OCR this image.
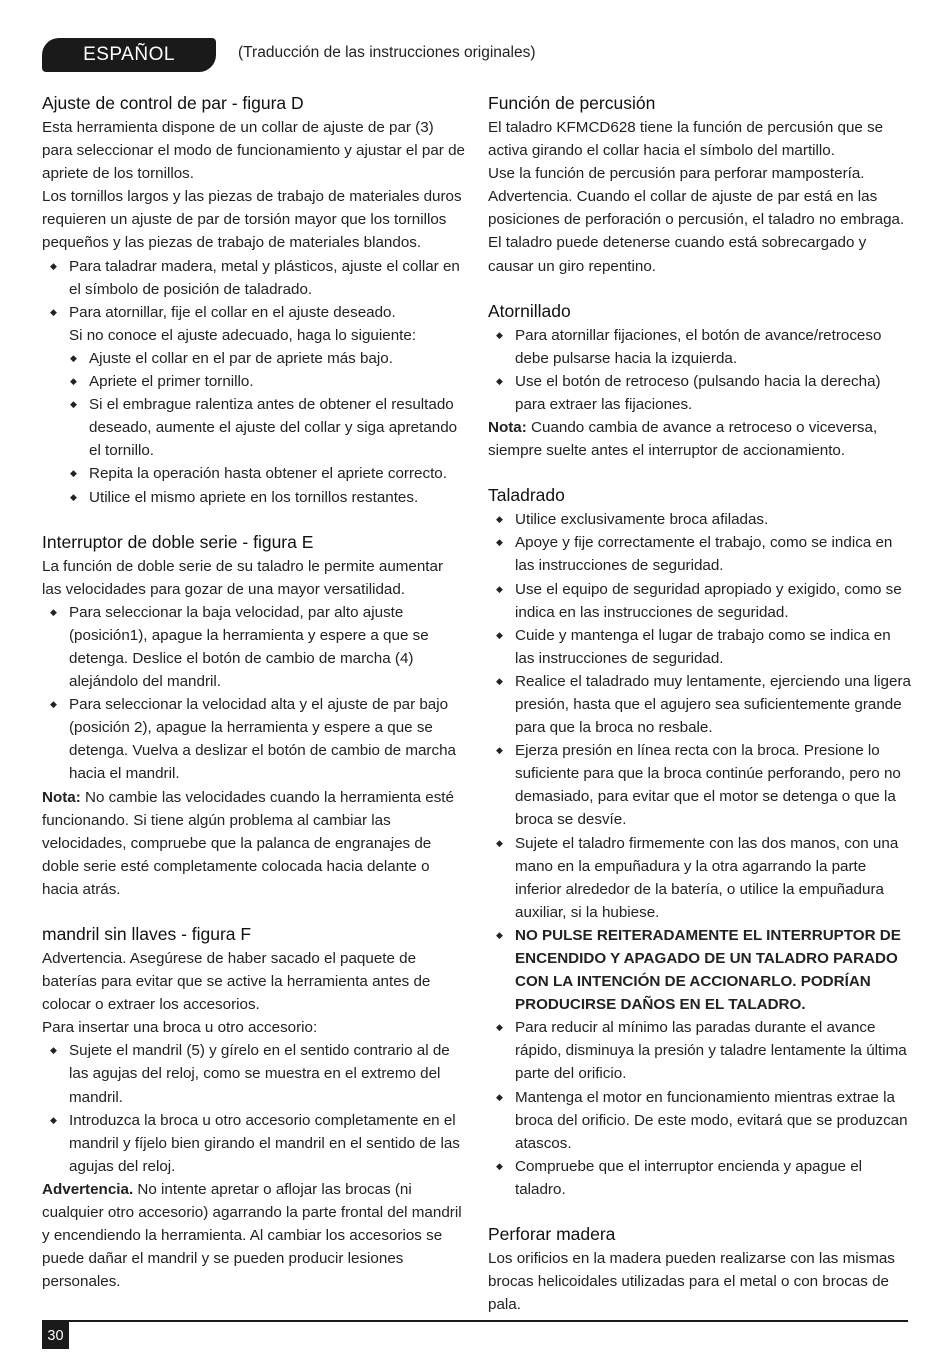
ESPAÑOL	(Traducción de las instrucciones originales)
Ajuste de control de par - figura D

Esta herramienta dispone de un collar de ajuste de par (3) para seleccionar el modo de funcionamiento y ajustar el par de apriete de los tornillos.

Los tornillos largos y las piezas de trabajo de materiales duros requieren un ajuste de par de torsión mayor que los tornillos pequeños y las piezas de trabajo de materiales blandos.

◆ Para taladrar madera, metal y plásticos, ajuste el collar en el símbolo de posición de taladrado.
◆ Para atornillar, fije el collar en el ajuste deseado.
Si no conoce el ajuste adecuado, haga lo siguiente:
◆ Ajuste el collar en el par de apriete más bajo.
◆ Apriete el primer tornillo.
◆ Si el embrague ralentiza antes de obtener el resultado deseado, aumente el ajuste del collar y siga apretando el tornillo.
◆ Repita la operación hasta obtener el apriete correcto.
◆ Utilice el mismo apriete en los tornillos restantes.
Interruptor de doble serie - figura E

La función de doble serie de su taladro le permite aumentar las velocidades para gozar de una mayor versatilidad.

◆ Para seleccionar la baja velocidad, par alto ajuste (posición1), apague la herramienta y espere a que se detenga. Deslice el botón de cambio de marcha (4) alejándolo del mandril.
◆ Para seleccionar la velocidad alta y el ajuste de par bajo (posición 2), apague la herramienta y espere a que se detenga. Vuelva a deslizar el botón de cambio de marcha hacia el mandril.

Nota: No cambie las velocidades cuando la herramienta esté funcionando. Si tiene algún problema al cambiar las velocidades, compruebe que la palanca de engranajes de doble serie esté completamente colocada hacia delante o hacia atrás.

mandril sin llaves - figura F

Advertencia. Asegúrese de haber sacado el paquete de baterías para evitar que se active la herramienta antes de colocar o extraer los accesorios.

Para insertar una broca u otro accesorio:

◆ Sujete el mandril (5) y gírelo en el sentido contrario al de las agujas del reloj, como se muestra en el extremo del mandril.
◆ Introduzca la broca u otro accesorio completamente en el mandril y fíjelo bien girando el mandril en el sentido de las agujas del reloj.

Advertencia. No intente apretar o aflojar las brocas (ni cualquier otro accesorio) agarrando la parte frontal del mandril y encendiendo la herramienta. Al cambiar los accesorios se puede dañar el mandril y se pueden producir lesiones personales.

Función de percusión

El taladro KFMCD628 tiene la función de percusión que se activa girando el collar hacia el símbolo del martillo.

Use la función de percusión para perforar mampostería.

Advertencia. Cuando el collar de ajuste de par está en las posiciones de perforación o percusión, el taladro no embraga.

El taladro puede detenerse cuando está sobrecargado y causar un giro repentino.

Atornillado
◆ Para atornillar fijaciones, el botón de avance/retroceso debe pulsarse hacia la izquierda.
◆ Use el botón de retroceso (pulsando hacia la derecha) para extraer las fijaciones.

Nota: Cuando cambia de avance a retroceso o viceversa, siempre suelte antes el interruptor de accionamiento.

Taladrado
◆ Utilice exclusivamente broca afiladas.
◆ Apoye y fije correctamente el trabajo, como se indica en las instrucciones de seguridad.
◆ Use el equipo de seguridad apropiado y exigido, como se indica en las instrucciones de seguridad.
◆ Cuide y mantenga el lugar de trabajo como se indica en las instrucciones de seguridad.
◆ Realice el taladrado muy lentamente, ejerciendo una ligera presión, hasta que el agujero sea suficientemente grande para que la broca no resbale.
◆ Ejerza presión en línea recta con la broca. Presione lo suficiente para que la broca continúe perforando, pero no demasiado, para evitar que el motor se detenga o que la broca se desvíe.
◆ Sujete el taladro firmemente con las dos manos, con una mano en la empuñadura y la otra agarrando la parte inferior alrededor de la batería, o utilice la empuñadura auxiliar, si la hubiese.
◆ NO PULSE REITERADAMENTE EL INTERRUPTOR DE ENCENDIDO Y APAGADO DE UN TALADRO PARADO CON LA INTENCIÓN DE ACCIONARLO. PODRÍAN PRODUCIRSE DAÑOS EN EL TALADRO.
◆ Para reducir al mínimo las paradas durante el avance rápido, disminuya la presión y taladre lentamente la última parte del orificio.
◆ Mantenga el motor en funcionamiento mientras extrae la broca del orificio. De este modo, evitará que se produzcan atascos.
◆ Compruebe que el interruptor encienda y apague el taladro.
Perforar madera

Los orificios en la madera pueden realizarse con las mismas brocas helicoidales utilizadas para el metal o con brocas de pala.

30
